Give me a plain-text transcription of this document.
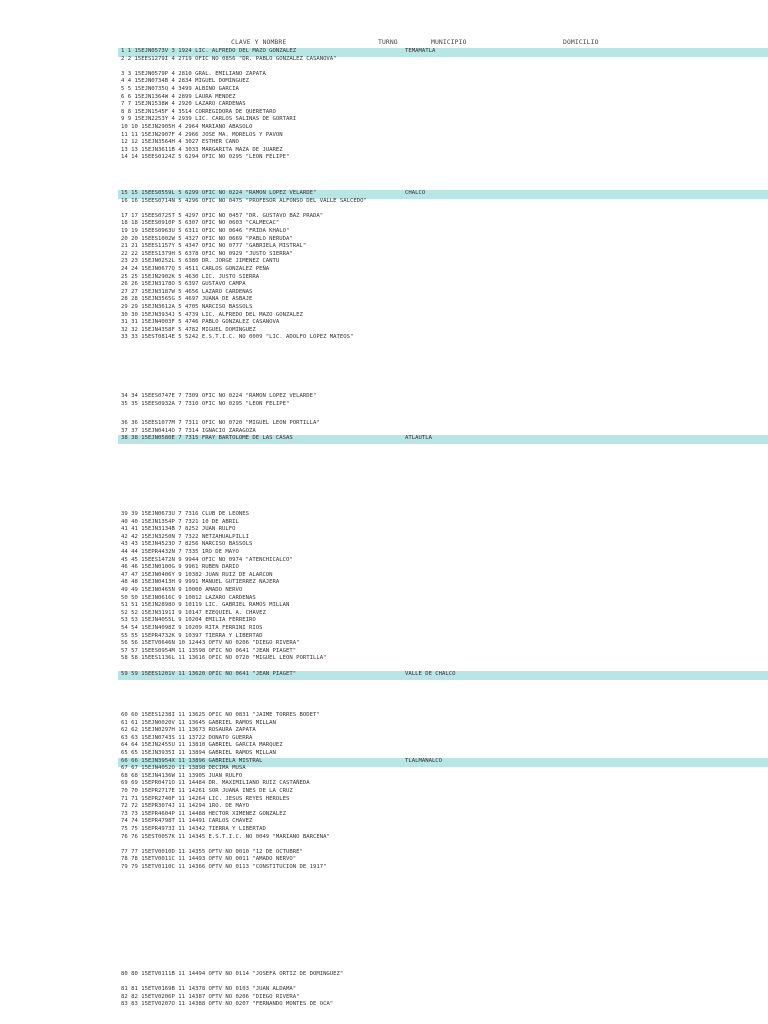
CLAVE Y NOMBRE	TURNO	MUNICIPIO	DOMICILIO
1 1 15EJN0573V 3 1924 LIC. ALFREDO DEL MAZO GONZALEZ	TEMAMATLA
2 2 15EES1279I 4 2719 OFIC NO 0856 "DR. PABLO GONZALEZ CASANOVA"
3 3 15EJN0579P 4 2810 GRAL. EMILIANO ZAPATA
4 4 15EJN0734B 4 2834 MIGUEL DOMINGUEZ
5 5 15EJN0735Q 4 3499 ALBINO GARCIA
6 6 15EJN1364W 4 2899 LAURA MENDEZ
7 7 15EJN1538W 4 2920 LAZARO CARDENAS
8 8 15EJN1545F 4 3514 CORREGIDORA DE QUERETARO
9 9 15EJN2253Y 4 2939 LIC. CARLOS SALINAS DE GORTARI
10 10 15EJN2905H 4 2964 MARIANO ABASOLO
11 11 15EJN2907F 4 2966 JOSE MA. MORELOS Y PAVON
12 12 15EJN3564H 4 3027 ESTHER CANO
13 13 15EJN3611B 4 3033 MARGARITA MAZA DE JUAREZ
14 14 15EES0124Z 5 6294 OFIC NO 0295 "LEON FELIPE"
15 15 15EES0559L 5 6299 OFIC NO 0224 "RAMON LOPEZ VELARDE"	CHALCO
16 16 15EES0714N 5 4296 OFIC NO 0475 "PROFESOR ALFONSO DEL VALLE SALCEDO"
17 17 15EES0725T 5 4297 OFIC NO 0457 "DR. GUSTAVO BAZ PRADA"
18 18 15EES0910P 5 6307 OFIC NO 0603 "CALMECAC"
19 19 15EES0963U 5 6311 OFIC NO 0646 "FRIDA KHALO"
20 20 15EES1002W 5 4327 OFIC NO 0669 "PABLO NERUDA"
21 21 15EES1157Y 5 4347 OFIC NO 0777 "GABRIELA MISTRAL"
22 22 15EES1379H 5 6378 OFIC NO 0929 "JUSTO SIERRA"
23 23 15EJN0252L 5 6380 DR. JORGE JIMENEZ CANTU
24 24 15EJN0677Q 5 4511 CARLOS GONZALEZ PEÑA
25 25 15EJN2902K 5 4630 LIC. JUSTO SIERRA
26 26 15EJN3178O 5 6397 GUSTAVO CAMPA
27 27 15EJN3187W 5 4656 LAZARO CARDENAS
28 28 15EJN3565G 5 4697 JUANA DE ASBAJE
29 29 15EJN3612A 5 4705 NARCISO BASSOLS
30 30 15EJN3934J 5 4739 LIC. ALFREDO DEL MAZO GONZALEZ
31 31 15EJN4003F 5 4746 PABLO GONZALEZ CASANOVA
32 32 15EJN4358F 5 4782 MIGUEL DOMINGUEZ
33 33 15EST0814E 5 5242 E.S.T.I.C. NO 0009 "LIC. ADOLFO LOPEZ MATEOS"
34 34 15EES0747E 7 7309 OFIC NO 0224 "RAMON LOPEZ VELARDE"
35 35 15EES0932A 7 7310 OFIC NO 0295 "LEON FELIPE"
36 36 15EES1077M 7 7311 OFIC NO 0720 "MIGUEL LEON PORTILLA"
37 37 15EJN0414O 7 7314 IGNACIO ZARAGOZA
38 38 15EJN0580E 7 7315 FRAY BARTOLOME DE LAS CASAS	ATLAUTLA
39 39 15EJN0673U 7 7316 CLUB DE LEONES
40 40 15EJN1354P 7 7321 10 DE ABRIL
41 41 15EJN3134B 7 8252 JUAN RULFO
42 42 15EJN3250N 7 7322 NETZAHUALPILLI
43 43 15EJN4523O 7 8256 NARCISO BASSOLS
44 44 15EPR4432N 7 7335 1RO DE MAYO
45 45 15EES1472N 9 9944 OFIC NO 0974 "ATENCHICALCO"
46 46 15EJN0100G 9 9961 RUBEN DARIO
47 47 15EJN0406Y 9 10382 JUAN RUIZ DE ALARCON
48 48 15EJN0413H 9 9991 MANUEL GUTIERREZ NAJERA
49 49 15EJN0465N 9 10000 AMADO NERVO
50 50 15EJN0616C 9 10012 LAZARO CARDENAS
51 51 15EJN2898O 9 10119 LIC. GABRIEL RAMOS MILLAN
52 52 15EJN3191I 9 10147 EZEQUIEL A. CHAVEZ
53 53 15EJN4055L 9 10204 EMILIA FERREIRO
54 54 15EJN4098Z 9 10209 RITA FERRINI RIOS
55 55 15EPR4732K 9 10397 TIERRA Y LIBERTAD
56 56 15ETV0646N 10 12443 OFTV NO 0206 "DIEGO RIVERA"
57 57 15EES0954M 11 13598 OFIC NO 0641 "JEAN PIAGET"
58 58 15EES1136L 11 13616 OFIC NO 0720 "MIGUEL LEON PORTILLA"
59 59 15EES1201V 11 13620 OFIC NO 0641 "JEAN PIAGET"	VALLE DE CHALCO
60 60 15EES1238I 11 13625 OFIC NO 0831 "JAIME TORRES BODET"
61 61 15EJN0020V 11 13645 GABRIEL RAMOS MILLAN
62 62 15EJN0297H 11 13673 ROSAURA ZAPATA
63 63 15EJN0743S 11 13722 DONATO GUERRA
64 64 15EJN2455U 11 13810 GABRIEL GARCIA MARQUEZ
65 65 15EJN3935I 11 13894 GABRIEL RAMOS MILLAN
66 66 15EJN3954X 11 13896 GABRIELA MISTRAL	TLALMANALCO
67 67 15EJN4052O 11 13898 DECIMA MUSA
68 68 15EJN4136W 11 13905 JUAN RULFO
69 69 15EPR0471O 11 14484 DR. MAXIMILIANO RUIZ CASTAÑEDA
70 70 15EPR2717E 11 14261 SOR JUANA INES DE LA CRUZ
71 71 15EPR2740F 11 14264 LIC. JESUS REYES HEROLES
72 72 15EPR3074J 11 14294 1RO. DE MAYO
73 73 15EPR4604P 11 14488 HECTOR XIMENEZ GONZALEZ
74 74 15EPR4798T 11 14491 CARLOS CHAVEZ
75 75 15EPR4973I 11 14342 TIERRA Y LIBERTAD
76 76 15EST0057K 11 14345 E.S.T.I.C. NO 0049 "MARIANO BARCENA"
77 77 15ETV0010D 11 14355 OFTV NO 0010 "12 DE OCTUBRE"
78 78 15ETV0011C 11 14493 OFTV NO 0011 "AMADO NERVO"
79 79 15ETV0110C 11 14366 OFTV NO 0113 "CONSTITUCION DE 1917"
80 80 15ETV0111B 11 14494 OFTV NO 0114 "JOSEFA ORTIZ DE DOMINGUEZ"
81 81 15ETV0169B 11 14378 OFTV NO 0103 "JUAN ALDAMA"
82 82 15ETV0206P 11 14387 OFTV NO 0206 "DIEGO RIVERA"
83 83 15ETV0207O 11 14388 OFTV NO 0207 "FERNANDO MONTES DE OCA"
